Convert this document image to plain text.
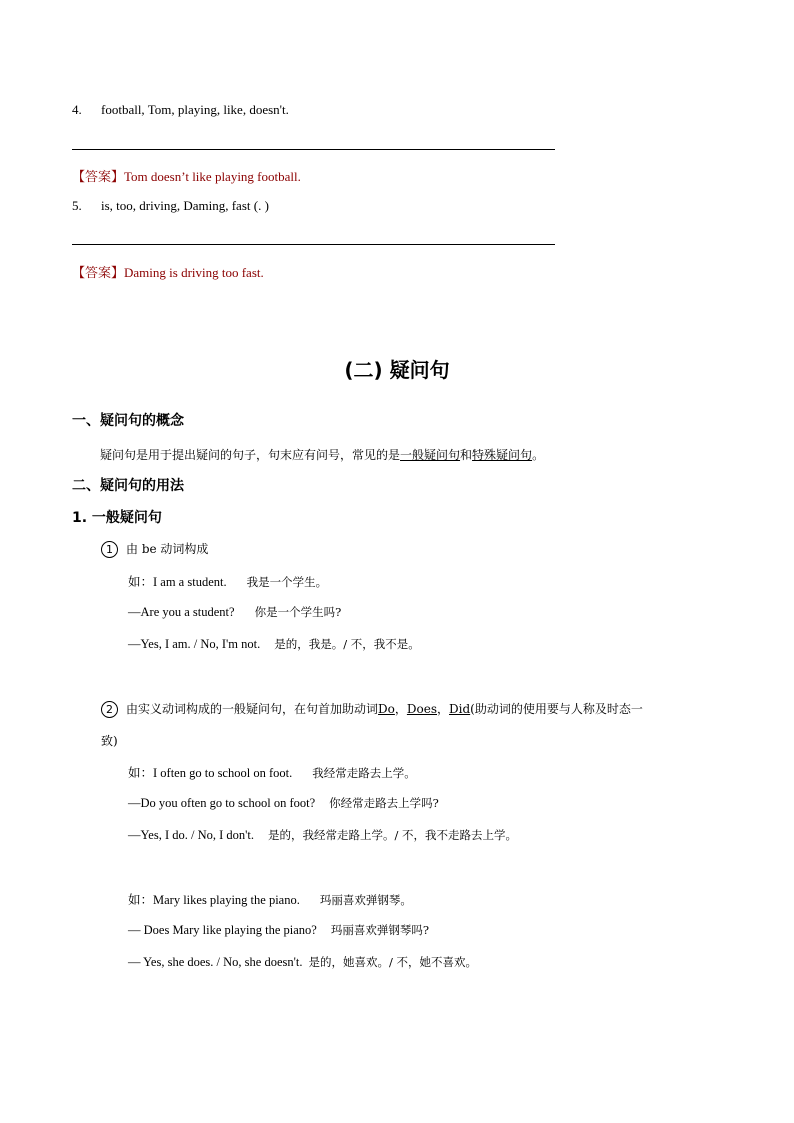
4. football, Tom, playing, like, doesn't.
【答案】Tom doesn’t like playing football.
5. is, too, driving, Daming, fast (. )
【答案】Daming is driving too fast.
(二) 疑问句
一、疑问句的概念
疑问句是用于提出疑问的句子，句末应有问号，常见的是一般疑问句和特殊疑问句。
二、疑问句的用法
1. 一般疑问句
1 由 be 动词构成
如：I am a student. 我是一个学生。
—Are you a student? 你是一个学生吗?
—Yes, I am. / No, I'm not. 是的，我是。/ 不，我不是。
2 由实义动词构成的一般疑问句，在句首加助动词Do，Does，Did(助动词的使用要与人称及时态一
致)
如：I often go to school on foot. 我经常走路去上学。
—Do you often go to school on foot? 你经常走路去上学吗?
—Yes, I do. / No, I don't. 是的，我经常走路上学。/ 不，我不走路去上学。
如：Mary likes playing the piano. 玛丽喜欢弹钢琴。
— Does Mary like playing the piano? 玛丽喜欢弹钢琴吗?
— Yes, she does. / No, she doesn't. 是的，她喜欢。/ 不，她不喜欢。
